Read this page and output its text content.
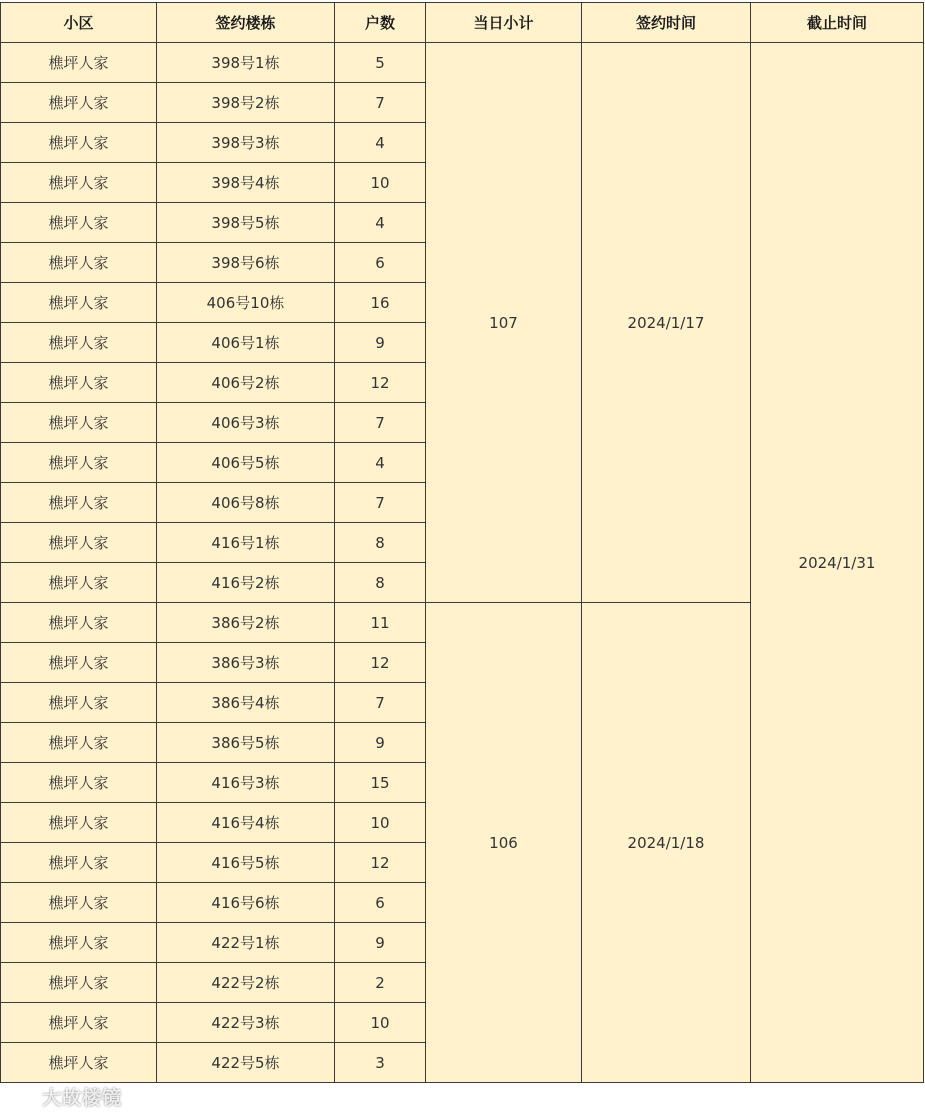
小区	签约楼栋	户数	当日小计	签约时间	截止时间
樵坪人家	398号1栋	5	107	2024/1/17	2024/1/31
樵坪人家	398号2栋	7			
樵坪人家	398号3栋	4			
樵坪人家	398号4栋	10			
樵坪人家	398号5栋	4			
樵坪人家	398号6栋	6			
樵坪人家	406号10栋	16			
樵坪人家	406号1栋	9			
樵坪人家	406号2栋	12			
樵坪人家	406号3栋	7			
樵坪人家	406号5栋	4			
樵坪人家	406号8栋	7			
樵坪人家	416号1栋	8			
樵坪人家	416号2栋	8			
樵坪人家	386号2栋	11	106	2024/1/18	
樵坪人家	386号3栋	12			
樵坪人家	386号4栋	7			
樵坪人家	386号5栋	9			
樵坪人家	416号3栋	15			
樵坪人家	416号4栋	10			
樵坪人家	416号5栋	12			
樵坪人家	416号6栋	6			
樵坪人家	422号1栋	9			
樵坪人家	422号2栋	2			
樵坪人家	422号3栋	10			
樵坪人家	422号5栋	3			
大故楼镜
